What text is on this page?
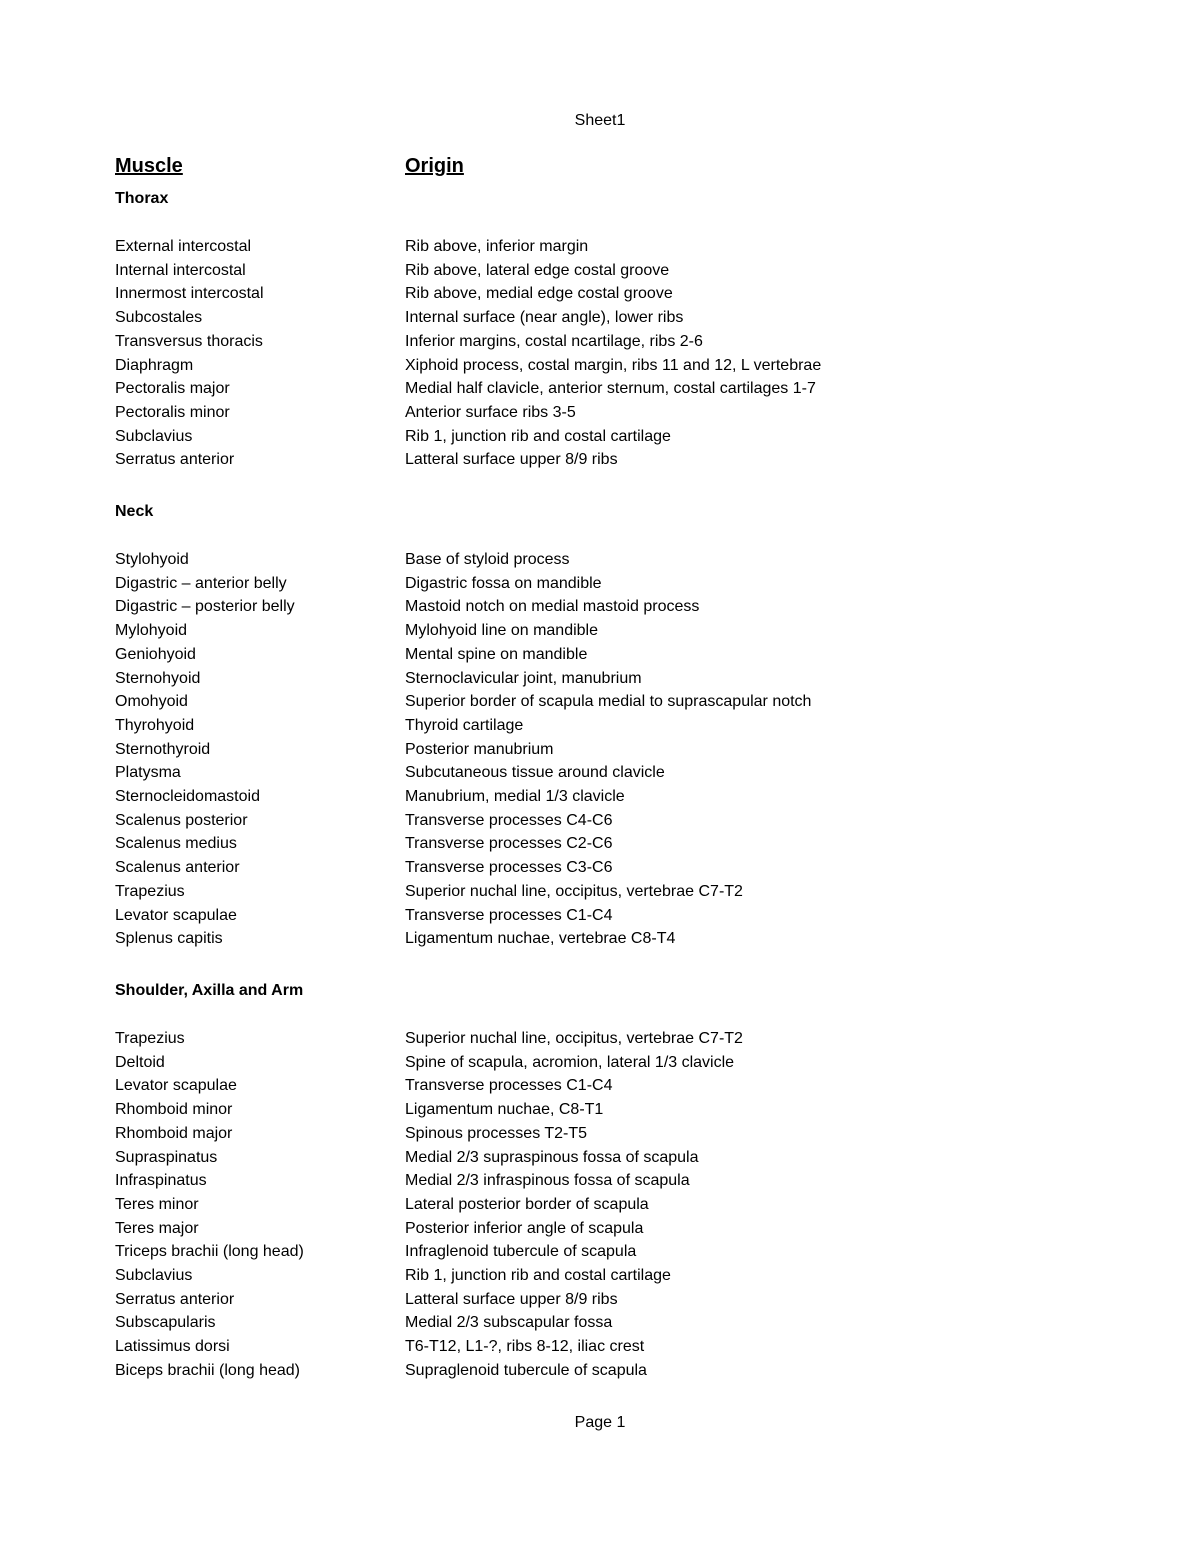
Sheet1
Muscle	Origin
Thorax
External intercostal	Rib above, inferior margin
Internal intercostal	Rib above, lateral edge costal groove
Innermost intercostal	Rib above, medial edge costal groove
Subcostales	Internal surface (near angle), lower ribs
Transversus thoracis	Inferior margins, costal ncartilage, ribs 2-6
Diaphragm	Xiphoid process, costal margin, ribs 11 and 12, L vertebrae
Pectoralis major	Medial half clavicle, anterior sternum, costal cartilages 1-7
Pectoralis minor	Anterior surface ribs 3-5
Subclavius	Rib 1, junction rib and costal cartilage
Serratus anterior	Latteral surface upper 8/9 ribs
Neck
Stylohyoid	Base of styloid process
Digastric – anterior belly	Digastric fossa on mandible
Digastric – posterior belly	Mastoid notch on medial mastoid process
Mylohyoid	Mylohyoid line on mandible
Geniohyoid	Mental spine on mandible
Sternohyoid	Sternoclavicular joint, manubrium
Omohyoid	Superior border of scapula medial to suprascapular notch
Thyrohyoid	Thyroid cartilage
Sternothyroid	Posterior manubrium
Platysma	Subcutaneous tissue around clavicle
Sternocleidomastoid	Manubrium, medial 1/3 clavicle
Scalenus posterior	Transverse processes C4-C6
Scalenus medius	Transverse processes C2-C6
Scalenus anterior	Transverse processes C3-C6
Trapezius	Superior nuchal line, occipitus, vertebrae C7-T2
Levator scapulae	Transverse processes C1-C4
Splenus capitis	Ligamentum nuchae, vertebrae C8-T4
Shoulder, Axilla and Arm
Trapezius	Superior nuchal line, occipitus, vertebrae C7-T2
Deltoid	Spine of scapula, acromion, lateral 1/3 clavicle
Levator scapulae	Transverse processes C1-C4
Rhomboid minor	Ligamentum nuchae, C8-T1
Rhomboid major	Spinous processes T2-T5
Supraspinatus	Medial 2/3 supraspinous fossa of scapula
Infraspinatus	Medial 2/3 infraspinous fossa of scapula
Teres minor	Lateral posterior border of scapula
Teres major	Posterior inferior angle of scapula
Triceps brachii (long head)	Infraglenoid tubercule of scapula
Subclavius	Rib 1, junction rib and costal cartilage
Serratus anterior	Latteral surface upper 8/9 ribs
Subscapularis	Medial 2/3 subscapular fossa
Latissimus dorsi	T6-T12, L1-?, ribs 8-12, iliac crest
Biceps brachii (long head)	Supraglenoid tubercule of scapula
Page 1
